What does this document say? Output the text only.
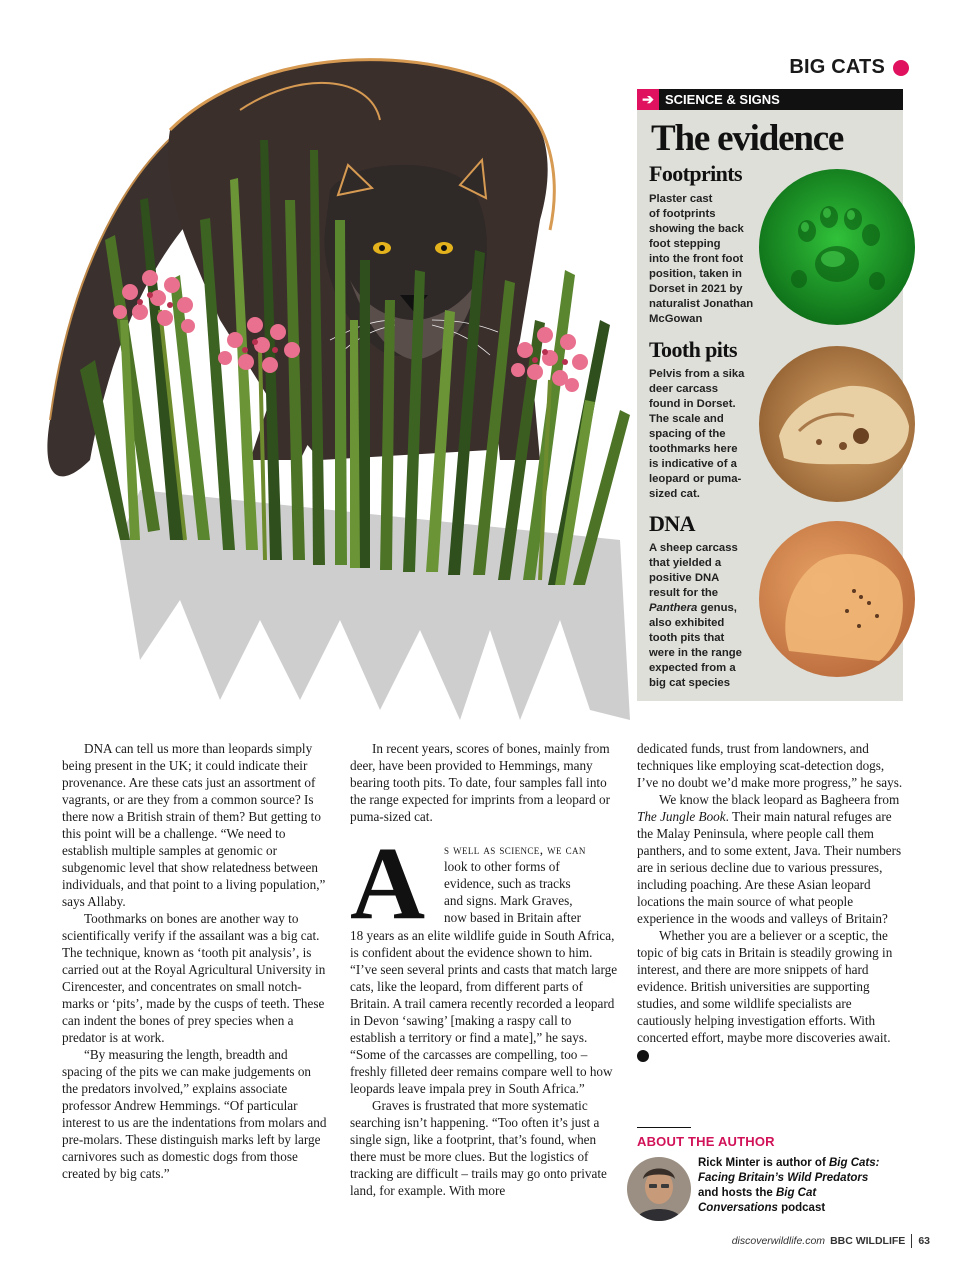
BIG CATS
➔ SCIENCE & SIGNS
The evidence
Footprints
Plaster cast
of footprints
showing the back
foot stepping
into the front foot
position, taken in
Dorset in 2021 by
naturalist Jonathan
McGowan
Tooth pits
Pelvis from a sika
deer carcass
found in Dorset.
The scale and
spacing of the
toothmarks here
is indicative of a
leopard or puma-
sized cat.
DNA
A sheep carcass
that yielded a
positive DNA
result for the
Panthera genus,
also exhibited
tooth pits that
were in the range
expected from a
big cat species

DNA can tell us more than leopards simply being present in the UK; it could indicate their provenance. Are these cats just an assortment of vagrants, or are they from a common source? Is there now a British strain of them? But getting to this point will be a challenge. “We need to establish multiple samples at genomic or subgenomic level that show relatedness between individuals, and that point to a living population,” says Allaby.

Toothmarks on bones are another way to scientifically verify if the assailant was a big cat. The technique, known as ‘tooth pit analysis’, is carried out at the Royal Agricultural University in Cirencester, and concentrates on small notch-marks or ‘pits’, made by the cusps of teeth. These can indent the bones of prey species when a predator is at work.

“By measuring the length, breadth and spacing of the pits we can make judgements on the predators involved,” explains associate professor Andrew Hemmings. “Of particular interest to us are the indentations from molars and pre-molars. These distinguish marks left by large carnivores such as domestic dogs from those created by big cats.”

In recent years, scores of bones, mainly from deer, have been provided to Hemmings, many bearing tooth pits. To date, four samples fall into the range expected for imprints from a leopard or puma-sized cat.

A s well as science, we can
look to other forms of
evidence, such as tracks
and signs. Mark Graves,
now based in Britain after

18 years as an elite wildlife guide in South Africa, is confident about the evidence shown to him. “I’ve seen several prints and casts that match large cats, like the leopard, from different parts of Britain. A trail camera recently recorded a leopard in Devon ‘sawing’ [making a raspy call to establish a territory or find a mate],” he says. “Some of the carcasses are compelling, too – freshly filleted deer remains compare well to how leopards leave impala prey in South Africa.”

Graves is frustrated that more systematic searching isn’t happening. “Too often it’s just a single sign, like a footprint, that’s found, when there must be more clues. But the logistics of tracking are difficult – trails may go onto private land, for example. With more

dedicated funds, trust from landowners, and techniques like employing scat-detection dogs, I’ve no doubt we’d make more progress,” he says.

We know the black leopard as Bagheera from The Jungle Book. Their main natural refuges are the Malay Peninsula, where people call them panthers, and to some extent, Java. Their numbers are in serious decline due to various pressures, including poaching. Are these Asian leopard locations the main source of what people experience in the woods and valleys of Britain?

Whether you are a believer or a sceptic, the topic of big cats in Britain is steadily growing in interest, and there are more snippets of hard evidence. British universities are supporting studies, and some wildlife specialists are cautiously helping investigation efforts. With concerted effort, maybe more discoveries await. W

ABOUT THE AUTHOR
Rick Minter is author of Big Cats: Facing Britain’s Wild Predators and hosts the Big Cat Conversations podcast
discoverwildlife.com BBC WILDLIFE 63
